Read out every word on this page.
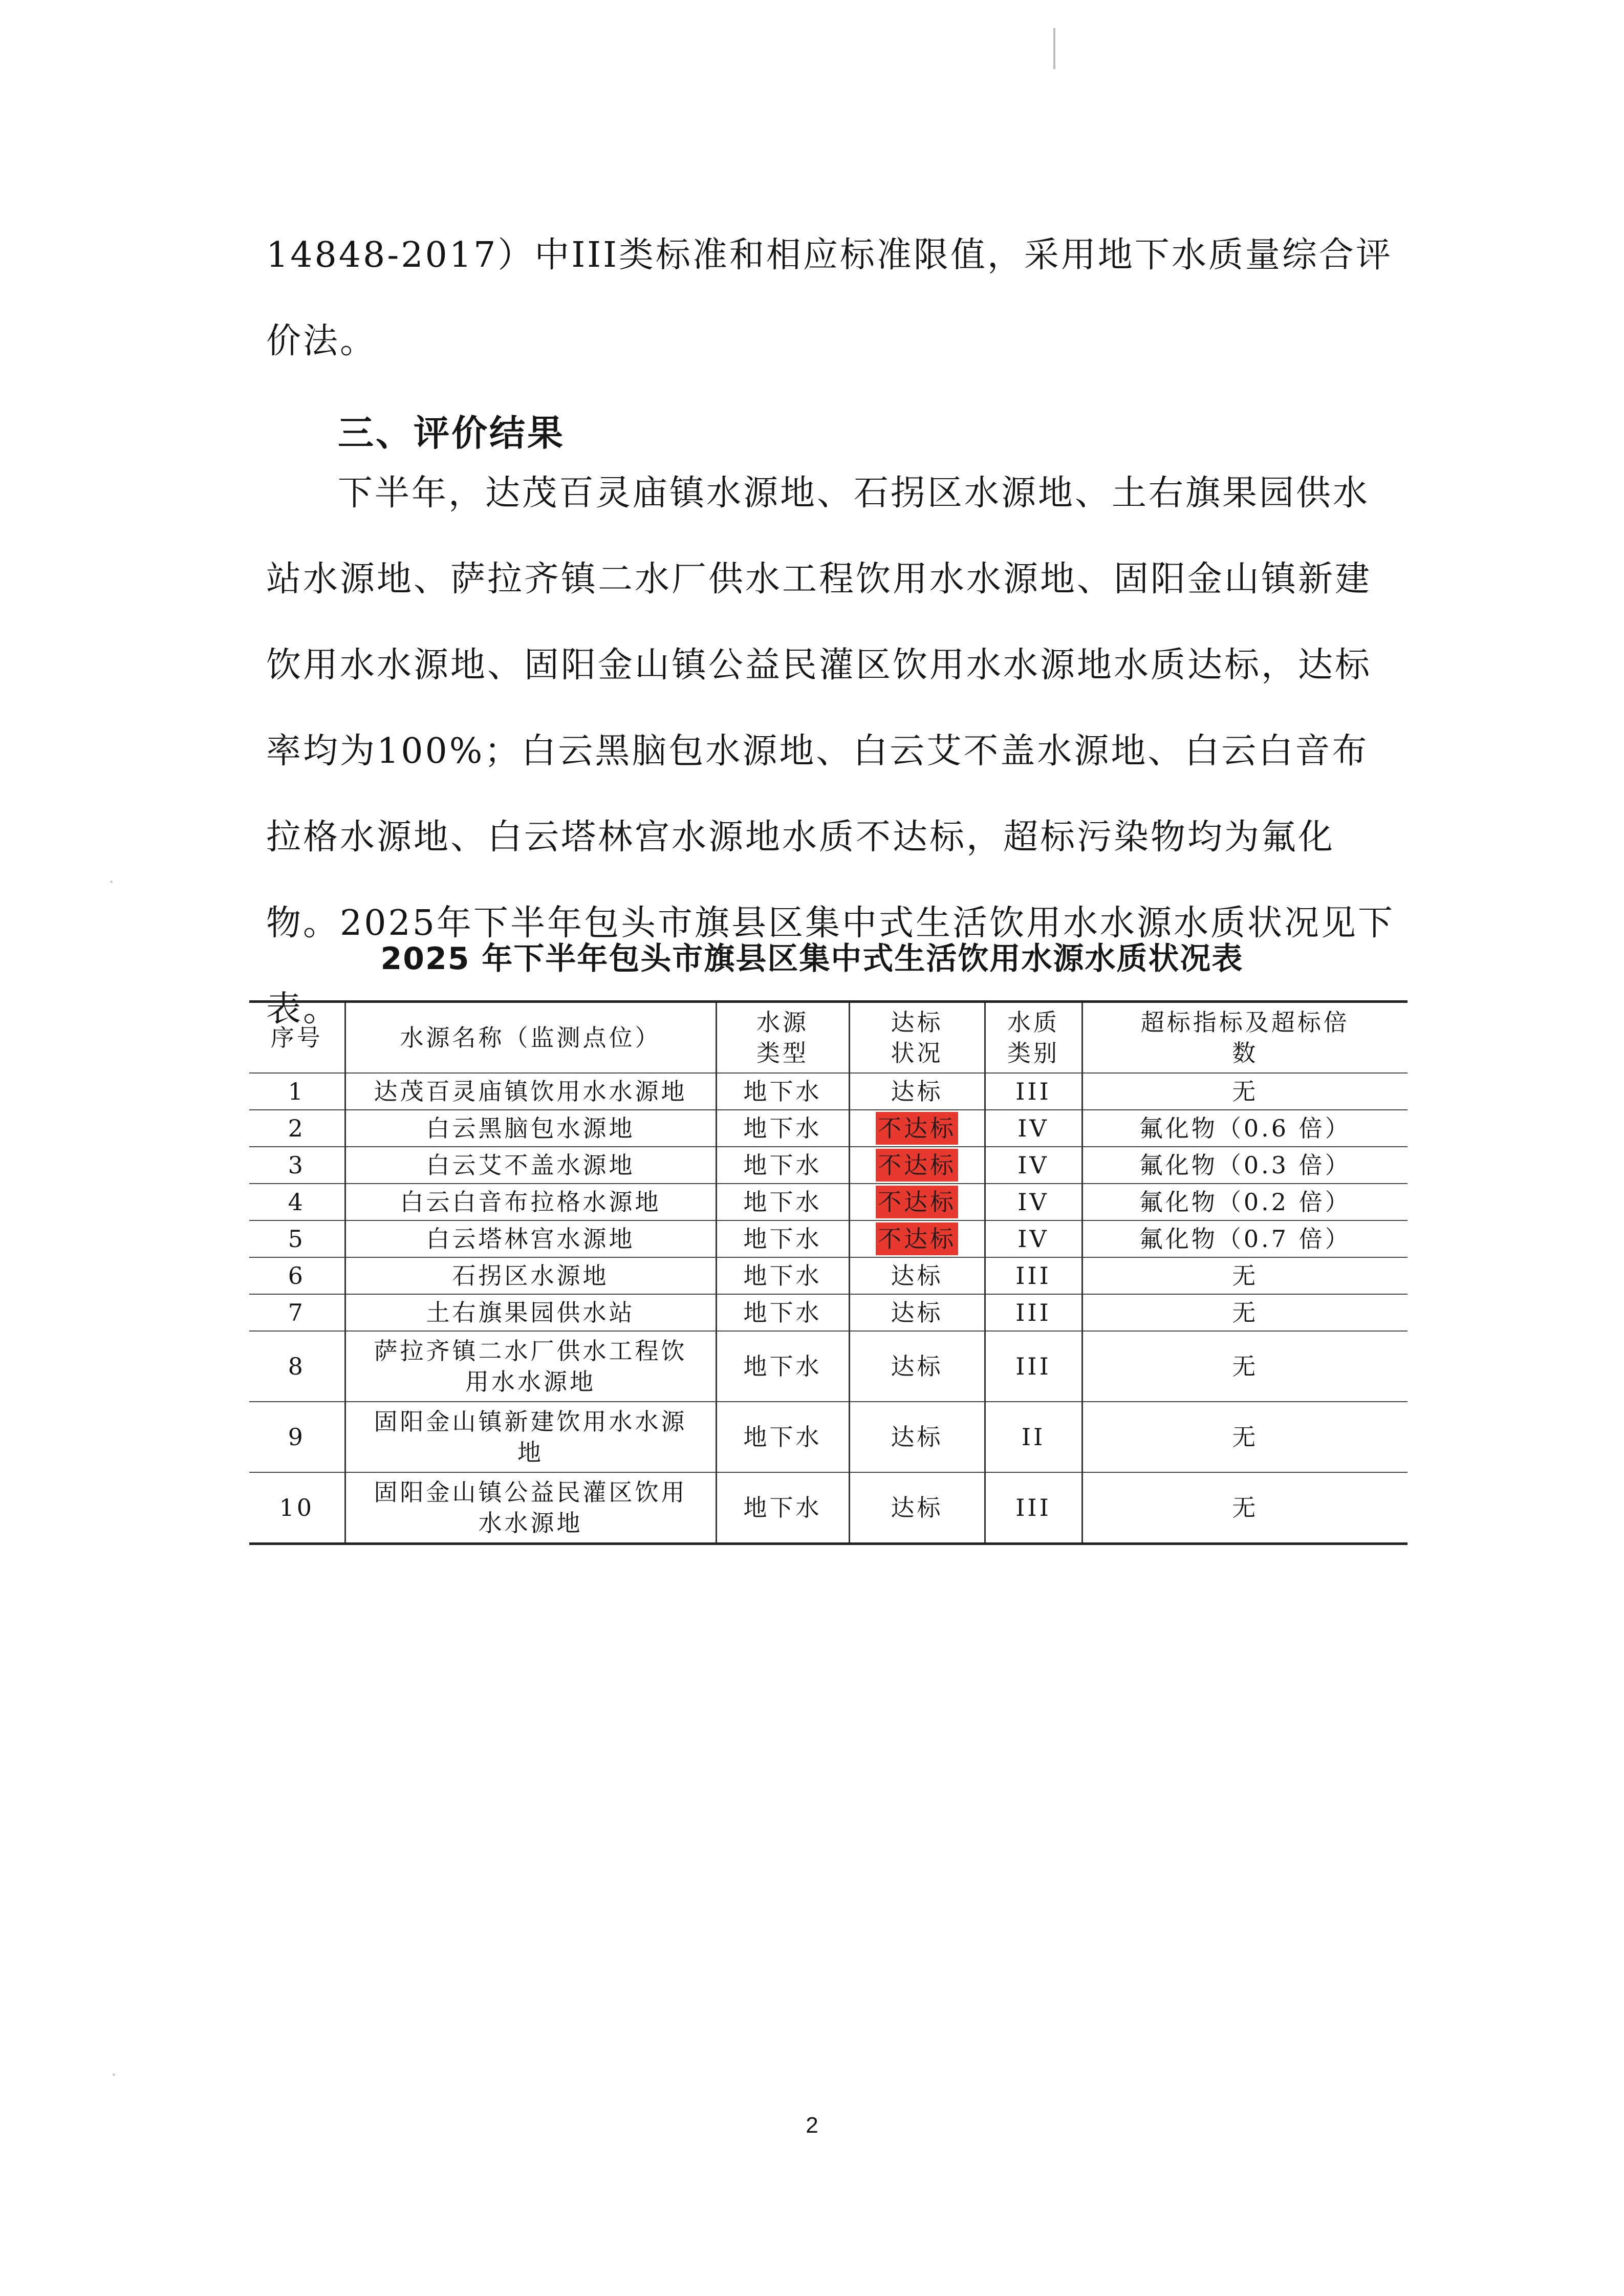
14848-2017）中III类标准和相应标准限值，采用地下水质量综合评价法。

三、评价结果

下半年，达茂百灵庙镇水源地、石拐区水源地、土右旗果园供水站水源地、萨拉齐镇二水厂供水工程饮用水水源地、固阳金山镇新建饮用水水源地、固阳金山镇公益民灌区饮用水水源地水质达标，达标率均为100%；白云黑脑包水源地、白云艾不盖水源地、白云白音布拉格水源地、白云塔林宫水源地水质不达标，超标污染物均为氟化物。2025年下半年包头市旗县区集中式生活饮用水水源水质状况见下表。

2025 年下半年包头市旗县区集中式生活饮用水源水质状况表
序号	水源名称（监测点位）	水源类型	达标状况	水质类别	超标指标及超标倍数
1	达茂百灵庙镇饮用水水源地	地下水	达标	III	无
2	白云黑脑包水源地	地下水	不达标	IV	氟化物（0.6 倍）
3	白云艾不盖水源地	地下水	不达标	IV	氟化物（0.3 倍）
4	白云白音布拉格水源地	地下水	不达标	IV	氟化物（0.2 倍）
5	白云塔林宫水源地	地下水	不达标	IV	氟化物（0.7 倍）
6	石拐区水源地	地下水	达标	III	无
7	土右旗果园供水站	地下水	达标	III	无
8	萨拉齐镇二水厂供水工程饮用水水源地	地下水	达标	III	无
9	固阳金山镇新建饮用水水源地	地下水	达标	II	无
10	固阳金山镇公益民灌区饮用水水源地	地下水	达标	III	无

2
